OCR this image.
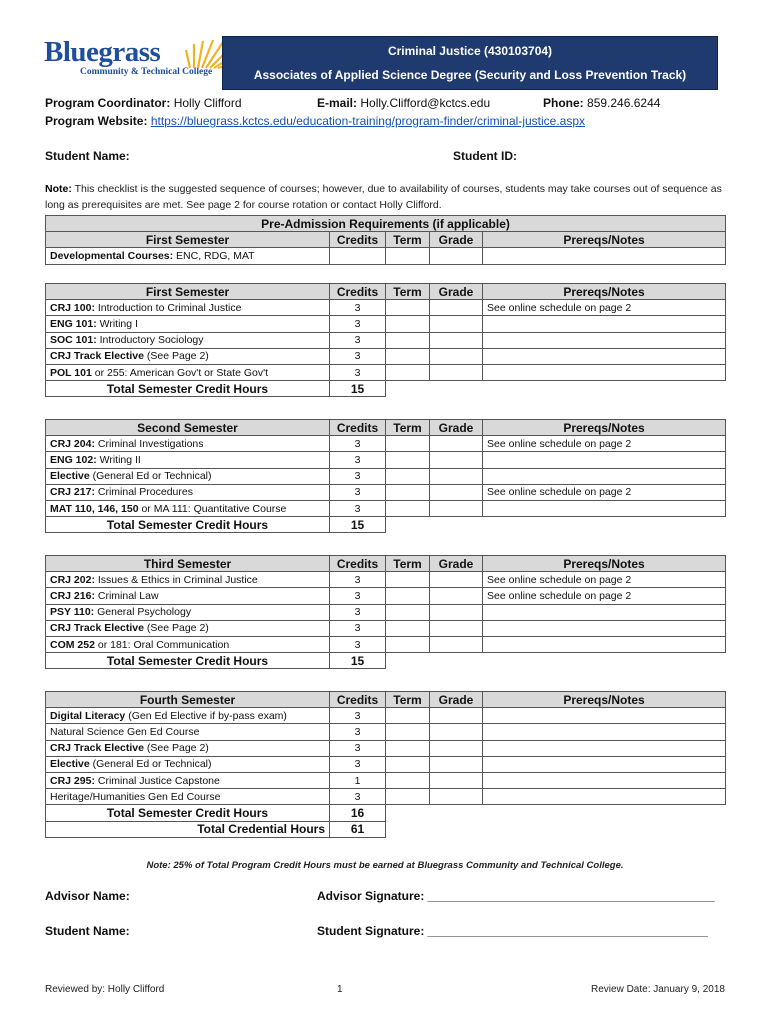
Bluegrass
Community & Technical College
Criminal Justice (430103704)
Associates of Applied Science Degree (Security and Loss Prevention Track)
Program Coordinator: Holly Clifford	E-mail: Holly.Clifford@kctcs.edu	Phone: 859.246.6244
Program Website: https://bluegrass.kctcs.edu/education-training/program-finder/criminal-justice.aspx
Student Name:	Student ID:
Note: This checklist is the suggested sequence of courses; however, due to availability of courses, students may take courses out of sequence as long as prerequisites are met. See page 2 for course rotation or contact Holly Clifford.
Pre-Admission Requirements (if applicable)				
First Semester	Credits	Term	Grade	Prereqs/Notes
Developmental Courses: ENC, RDG, MAT				
First Semester	Credits	Term	Grade	Prereqs/Notes
CRJ 100: Introduction to Criminal Justice	3			See online schedule on page 2
ENG 101: Writing I	3			
SOC 101: Introductory Sociology	3			
CRJ Track Elective (See Page 2)	3			
POL 101 or 255: American Gov't or State Gov't	3			
Total Semester Credit Hours	15			
Second Semester	Credits	Term	Grade	Prereqs/Notes
CRJ 204: Criminal Investigations	3			See online schedule on page 2
ENG 102: Writing II	3			
Elective (General Ed or Technical)	3			
CRJ 217: Criminal Procedures	3			See online schedule on page 2
MAT 110, 146, 150 or MA 111: Quantitative Course	3			
Total Semester Credit Hours	15			
Third Semester	Credits	Term	Grade	Prereqs/Notes
CRJ 202: Issues & Ethics in Criminal Justice	3			See online schedule on page 2
CRJ 216: Criminal Law	3			See online schedule on page 2
PSY 110: General Psychology	3			
CRJ Track Elective (See Page 2)	3			
COM 252 or 181: Oral Communication	3			
Total Semester Credit Hours	15			
Fourth Semester	Credits	Term	Grade	Prereqs/Notes
Digital Literacy (Gen Ed Elective if by-pass exam)	3			
Natural Science Gen Ed Course	3			
CRJ Track Elective (See Page 2)	3			
Elective (General Ed or Technical)	3			
CRJ 295: Criminal Justice Capstone	1			
Heritage/Humanities Gen Ed Course	3			
Total Semester Credit Hours	16			
Total Credential Hours	61			
Note: 25% of Total Program Credit Hours must be earned at Bluegrass Community and Technical College.
Advisor Name:	Advisor Signature: ___________________________________________
Student Name:	Student Signature: __________________________________________
Reviewed by: Holly Clifford	1	Review Date: January 9, 2018
